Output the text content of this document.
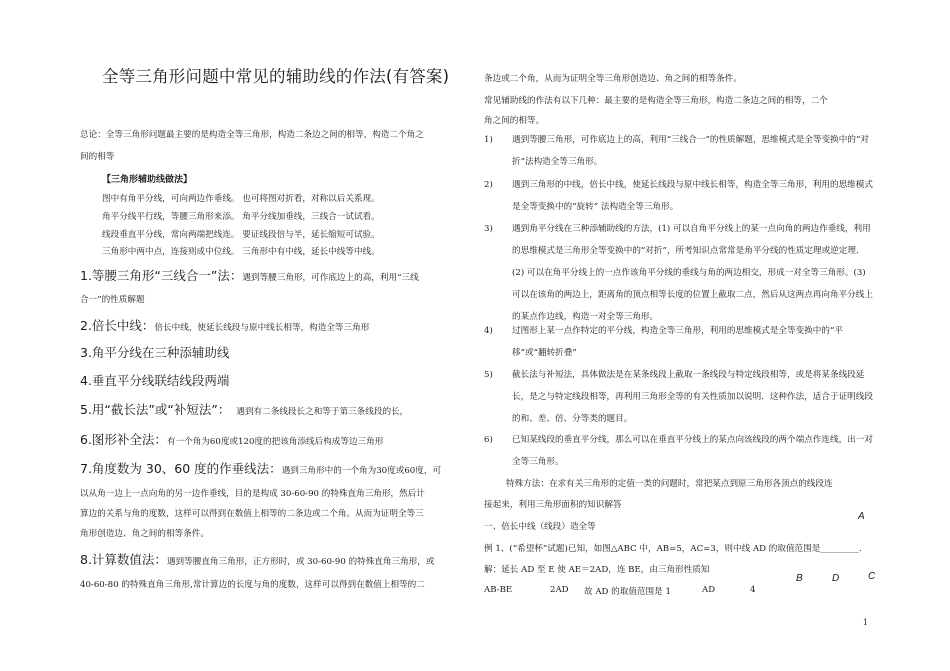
全等三角形问题中常见的辅助线的作法(有答案)
总论：全等三角形问题最主要的是构造全等三角形，构造二条边之间的相等，构造二个角之
间的相等
【三角形辅助线做法】
图中有角平分线，可向两边作垂线。 也可将图对折看，对称以后关系现。
角平分线平行线，等腰三角形来添。 角平分线加垂线，三线合一试试看。
线段垂直平分线，常向两端把线连。 要证线段倍与半，延长缩短可试验。
三角形中两中点，连接则成中位线。 三角形中有中线，延长中线等中线。
1.等腰三角形“三线合一”法：遇到等腰三角形，可作底边上的高，利用“三线
合一”的性质解题
2.倍长中线：倍长中线，使延长线段与原中线长相等，构造全等三角形
3.角平分线在三种添辅助线
4.垂直平分线联结线段两端
5.用“截长法”或“补短法”： 遇到有二条线段长之和等于第三条线段的长，
6.图形补全法：有一个角为60度或120度的把该角添线后构成等边三角形
7.角度数为 30、60 度的作垂线法：遇到三角形中的一个角为30度或60度，可
以从角一边上一点向角的另一边作垂线，目的是构成 30-60-90 的特殊直角三角形，然后计
算边的关系与角的度数，这样可以得到在数值上相等的二条边或二个角。从而为证明全等三
角形创造边、角之间的相等条件。
8.计算数值法：遇到等腰直角三角形，正方形时，或 30-60-90 的特殊直角三角形，或
40-60-80 的特殊直角三角形,常计算边的长度与角的度数，这样可以得到在数值上相等的二
条边或二个角，从而为证明全等三角形创造边、角之间的相等条件。
常见辅助线的作法有以下几种：最主要的是构造全等三角形，构造二条边之间的相等，二个
角之间的相等。
1) 遇到等腰三角形，可作底边上的高，利用“三线合一”的性质解题，思维模式是全等变换中的“对折”法构造全等三角形。
2) 遇到三角形的中线，倍长中线，使延长线段与原中线长相等，构造全等三角形，利用的思维模式是全等变换中的“旋转” 法构造全等三角形。
3) 遇到角平分线在三种添辅助线的方法，(1) 可以自角平分线上的某一点向角的两边作垂线，利用的思维模式是三角形全等变换中的“对折”，所考知识点常常是角平分线的性质定理或逆定理．(2) 可以在角平分线上的一点作该角平分线的垂线与角的两边相交，形成一对全等三角形。(3) 可以在该角的两边上，距离角的顶点相等长度的位置上截取二点，然后从这两点再向角平分线上的某点作边线，构造一对全等三角形。
4) 过图形上某一点作特定的平分线，构造全等三角形，利用的思维模式是全等变换中的“平移”或“翻转折叠”
5) 截长法与补短法，具体做法是在某条线段上截取一条线段与特定线段相等，或是将某条线段延长，是之与特定线段相等，再利用三角形全等的有关性质加以说明．这种作法，适合于证明线段的和、差、倍、分等类的题目。
6) 已知某线段的垂直平分线，那么可以在垂直平分线上的某点向该线段的两个端点作连线，出一对全等三角形。
特殊方法：在求有关三角形的定值一类的问题时，常把某点到原三角形各顶点的线段连
接起来，利用三角形面积的知识解答
一、倍长中线（线段）造全等
例 1、(“希望杯”试题)已知，如图△ABC 中，AB=5，AC=3，则中线 AD 的取值范围是_________.
解：延长 AD 至 E 使 AE＝2AD，连 BE，由三角形性质知
AB-BE	2AD 故 AD 的取值范围是 1	AD	4
A
B	D	C
1
